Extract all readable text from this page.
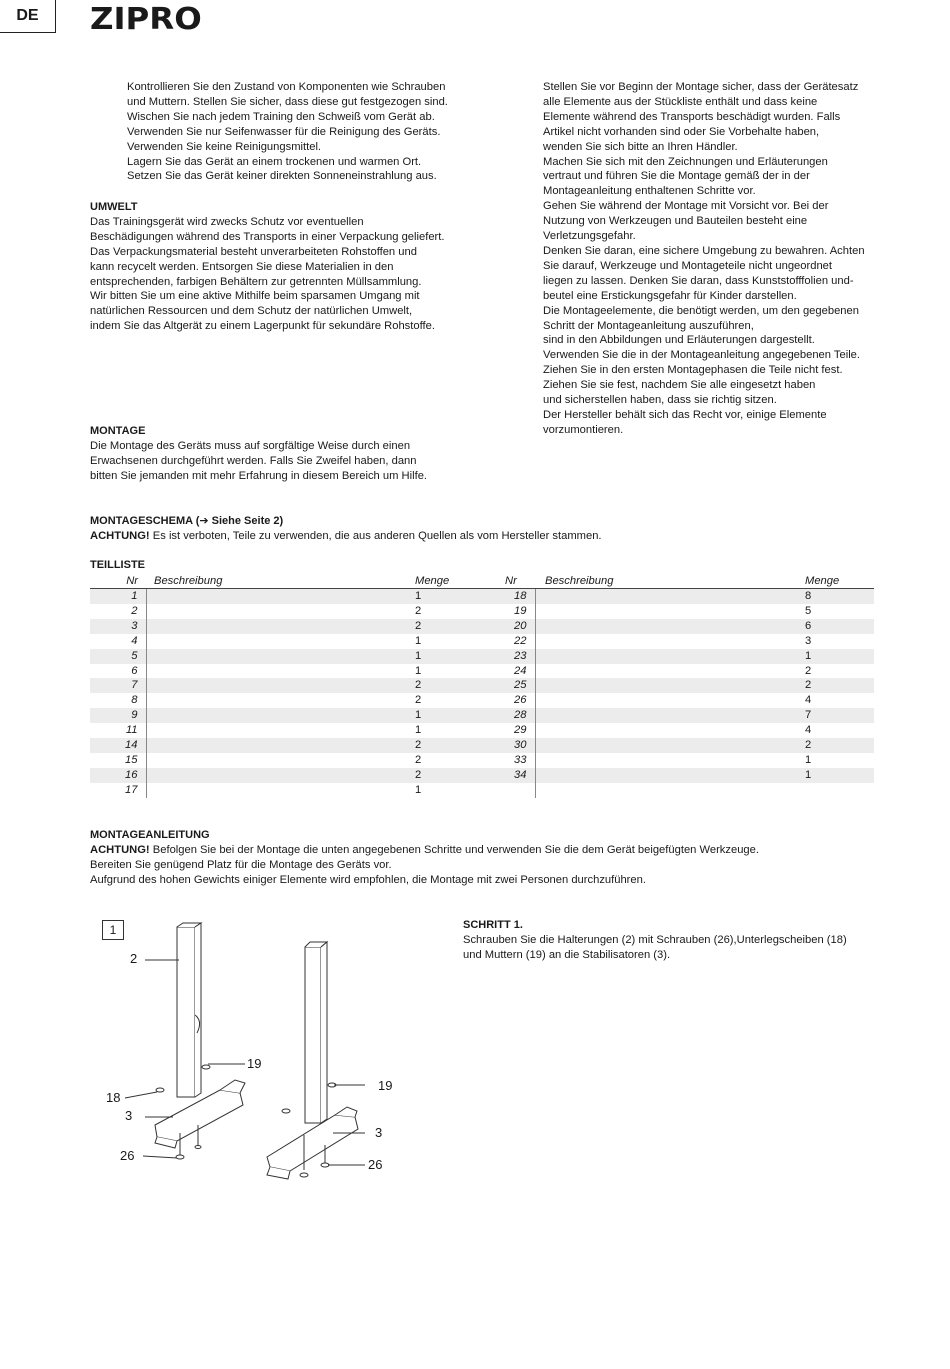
DE	ZIPRO
Kontrollieren Sie den Zustand von Komponenten wie Schrauben
und Muttern. Stellen Sie sicher, dass diese gut festgezogen sind.
Wischen Sie nach jedem Training den Schweiß vom Gerät ab.
Verwenden Sie nur Seifenwasser für die Reinigung des Geräts.
Verwenden Sie keine Reinigungsmittel.
Lagern Sie das Gerät an einem trockenen und warmen Ort.
Setzen Sie das Gerät keiner direkten Sonneneinstrahlung aus.
UMWELT
Das Trainingsgerät wird zwecks Schutz vor eventuellen
Beschädigungen während des Transports in einer Verpackung geliefert.
Das Verpackungsmaterial besteht unverarbeiteten Rohstoffen und
kann recycelt werden. Entsorgen Sie diese Materialien in den
entsprechenden, farbigen Behältern zur getrennten Müllsammlung.
Wir bitten Sie um eine aktive Mithilfe beim sparsamen Umgang mit
natürlichen Ressourcen und dem Schutz der natürlichen Umwelt,
indem Sie das Altgerät zu einem Lagerpunkt für sekundäre Rohstoffe.
MONTAGE
Die Montage des Geräts muss auf sorgfältige Weise durch einen
Erwachsenen durchgeführt werden. Falls Sie Zweifel haben, dann
bitten Sie jemanden mit mehr Erfahrung in diesem Bereich um Hilfe.
Stellen Sie vor Beginn der Montage sicher, dass der Gerätesatz
alle Elemente aus der Stückliste enthält und dass keine
Elemente während des Transports beschädigt wurden. Falls
Artikel nicht vorhanden sind oder Sie Vorbehalte haben,
wenden Sie sich bitte an Ihren Händler.
Machen Sie sich mit den Zeichnungen und Erläuterungen
vertraut und führen Sie die Montage gemäß der in der
Montageanleitung enthaltenen Schritte vor.
Gehen Sie während der Montage mit Vorsicht vor. Bei der
Nutzung von Werkzeugen und Bauteilen besteht eine
Verletzungsgefahr.
Denken Sie daran, eine sichere Umgebung zu bewahren. Achten
Sie darauf, Werkzeuge und Montageteile nicht ungeordnet
liegen zu lassen. Denken Sie daran, dass Kunststofffolien und-
beutel eine Erstickungsgefahr für Kinder darstellen.
Die Montageelemente, die benötigt werden, um den gegebenen
Schritt der Montageanleitung auszuführen,
sind in den Abbildungen und Erläuterungen dargestellt.
Verwenden Sie die in der Montageanleitung angegebenen Teile.
Ziehen Sie in den ersten Montagephasen die Teile nicht fest.
Ziehen Sie sie fest, nachdem Sie alle eingesetzt haben
und sicherstellen haben, dass sie richtig sitzen.
Der Hersteller behält sich das Recht vor, einige Elemente
vorzumontieren.
MONTAGESCHEMA (➔ Siehe Seite 2)
ACHTUNG! Es ist verboten, Teile zu verwenden, die aus anderen Quellen als vom Hersteller stammen.
TEILLISTE
Nr	Beschreibung	Menge	Nr	Beschreibung	Menge
1		1	18		8
2		2	19		5
3		2	20		6
4		1	22		3
5		1	23		1
6		1	24		2
7		2	25		2
8		2	26		4
9		1	28		7
11		1	29		4
14		2	30		2
15		2	33		1
16		2	34		1
17		1			
MONTAGEANLEITUNG
ACHTUNG! Befolgen Sie bei der Montage die unten angegebenen Schritte und verwenden Sie die dem Gerät beigefügten Werkzeuge.
Bereiten Sie genügend Platz für die Montage des Geräts vor.
Aufgrund des hohen Gewichts einiger Elemente wird empfohlen, die Montage mit zwei Personen durchzuführen.
1	SCHRITT 1.
Schrauben Sie die Halterungen (2) mit Schrauben (26),Unterlegscheiben (18)
und Muttern (19) an die Stabilisatoren (3).
2
19
18
3
26
19
3
26
